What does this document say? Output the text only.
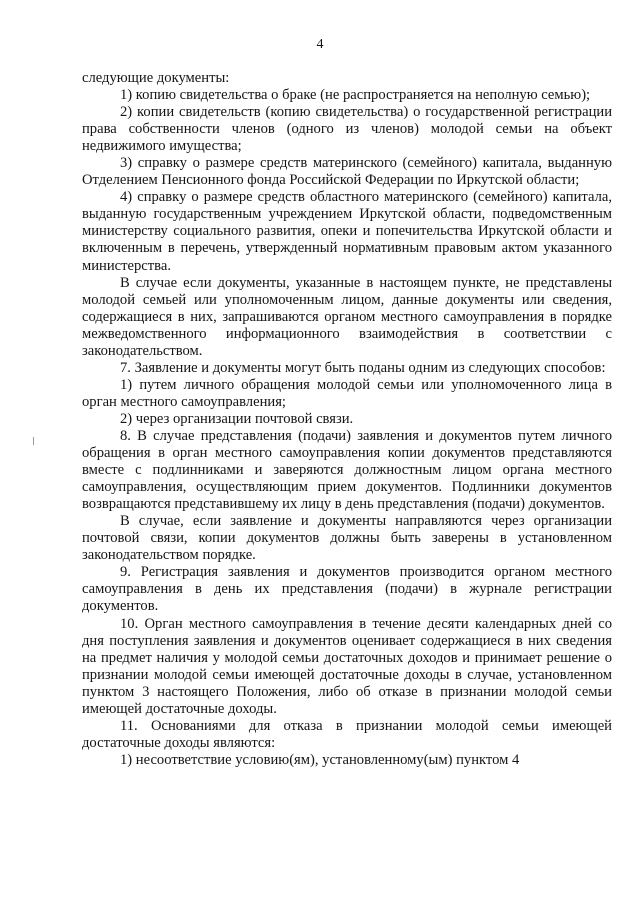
4

следующие документы:

1) копию свидетельства о браке (не распространяется на неполную семью);

2) копии свидетельств (копию свидетельства) о государственной регистрации права собственности членов (одного из членов) молодой семьи на объект недвижимого имущества;

3) справку о размере средств материнского (семейного) капитала, выданную Отделением Пенсионного фонда Российской Федерации по Иркутской области;

4) справку о размере средств областного материнского (семейного) капитала, выданную государственным учреждением Иркутской области, подведомственным министерству социального развития, опеки и попечительства Иркутской области и включенным в перечень, утвержденный нормативным правовым актом указанного министерства.

В случае если документы, указанные в настоящем пункте, не представлены молодой семьей или уполномоченным лицом, данные документы или сведения, содержащиеся в них, запрашиваются органом местного самоуправления в порядке межведомственного информационного взаимодействия в соответствии с законодательством.

7. Заявление и документы могут быть поданы одним из следующих способов:

1) путем личного обращения молодой семьи или уполномоченного лица в орган местного самоуправления;

2) через организации почтовой связи.

8. В случае представления (подачи) заявления и документов путем личного обращения в орган местного самоуправления копии документов представляются вместе с подлинниками и заверяются должностным лицом органа местного самоуправления, осуществляющим прием документов. Подлинники документов возвращаются представившему их лицу в день представления (подачи) документов.

В случае, если заявление и документы направляются через организации почтовой связи, копии документов должны быть заверены в установленном законодательством порядке.

9. Регистрация заявления и документов производится органом местного самоуправления в день их представления (подачи) в журнале регистрации документов.

10. Орган местного самоуправления в течение десяти календарных дней со дня поступления заявления и документов оценивает содержащиеся в них сведения на предмет наличия у молодой семьи достаточных доходов и принимает решение о признании молодой семьи имеющей достаточные доходы в случае, установленном пунктом 3 настоящего Положения, либо об отказе в признании молодой семьи имеющей достаточные доходы.

11. Основаниями для отказа в признании молодой семьи имеющей достаточные доходы являются:

1) несоответствие условию(ям), установленному(ым) пунктом 4
